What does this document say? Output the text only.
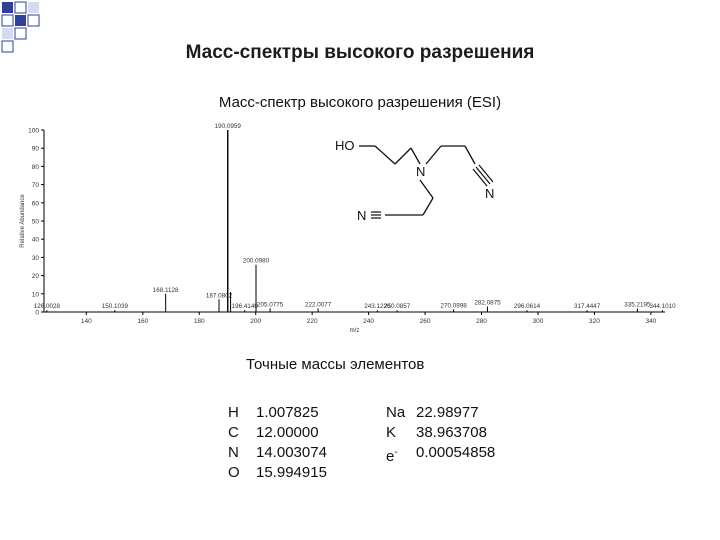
Масс-спектры высокого разрешения
Масс-спектр высокого разрешения (ESI)
0
10
20
30
40
50
60
70
80
90
100
140	160	180	200	220	240	260	280	300	320	340
m/z
Relative Abundance
126.0028	150.1039
168.1128
187.0802
190.0959
196.4140
200.0980
205.0775	222.0077	243.1220
250.0857	270.0998 282.0875
296.0614	317.4447	335.2195
344.1010
HO
N
N
N
Точные массы элементов
H	1.007825
C	12.00000
N	14.003074
O	15.994915
Na 22.98977
K	38.963708
e-	0.00054858
